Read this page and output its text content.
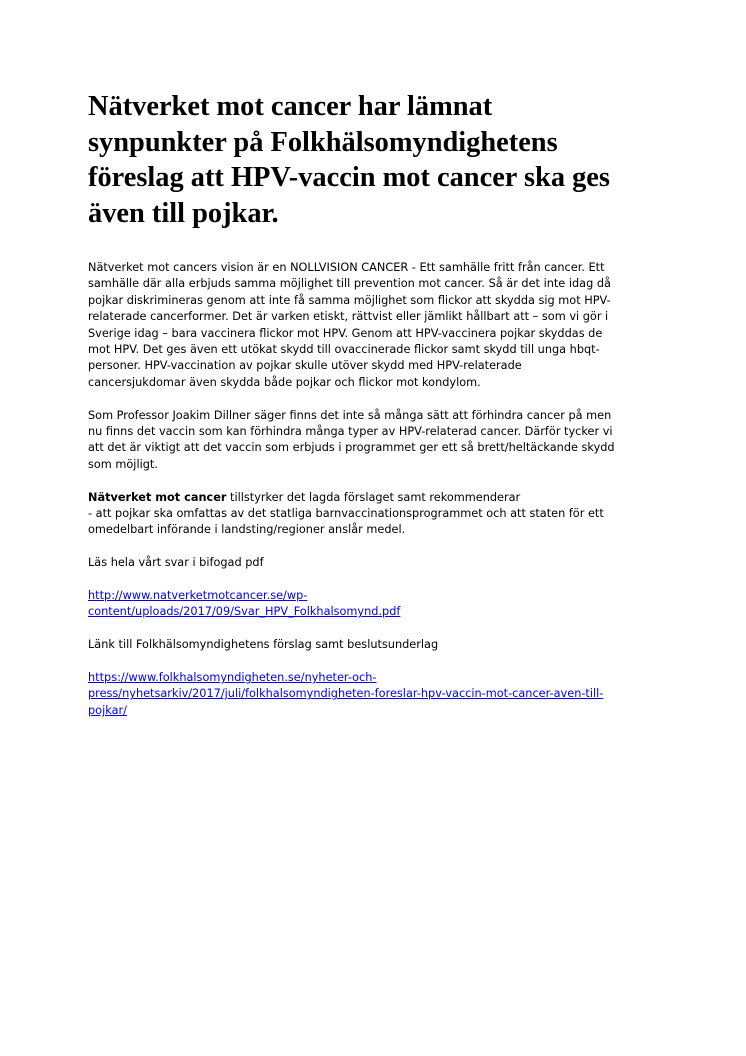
Nätverket mot cancer har lämnat
synpunkter på Folkhälsomyndighetens
föreslag att HPV-vaccin mot cancer ska ges
även till pojkar.

Nätverket mot cancers vision är en NOLLVISION CANCER - Ett samhälle fritt från cancer. Ett
samhälle där alla erbjuds samma möjlighet till prevention mot cancer. Så är det inte idag då
pojkar diskrimineras genom att inte få samma möjlighet som flickor att skydda sig mot HPV-
relaterade cancerformer. Det är varken etiskt, rättvist eller jämlikt hållbart att – som vi gör i
Sverige idag – bara vaccinera flickor mot HPV. Genom att HPV-vaccinera pojkar skyddas de
mot HPV. Det ges även ett utökat skydd till ovaccinerade flickor samt skydd till unga hbqt-
personer. HPV-vaccination av pojkar skulle utöver skydd med HPV-relaterade
cancersjukdomar även skydda både pojkar och flickor mot kondylom.

Som Professor Joakim Dillner säger finns det inte så många sätt att förhindra cancer på men
nu finns det vaccin som kan förhindra många typer av HPV-relaterad cancer. Därför tycker vi
att det är viktigt att det vaccin som erbjuds i programmet ger ett så brett/heltäckande skydd
som möjligt.

Nätverket mot cancer tillstyrker det lagda förslaget samt rekommenderar
- att pojkar ska omfattas av det statliga barnvaccinationsprogrammet och att staten för ett
omedelbart införande i landsting/regioner anslår medel.

Läs hela vårt svar i bifogad pdf

http://www.natverketmotcancer.se/wp-
content/uploads/2017/09/Svar_HPV_Folkhalsomynd.pdf

Länk till Folkhälsomyndighetens förslag samt beslutsunderlag

https://www.folkhalsomyndigheten.se/nyheter-och-
press/nyhetsarkiv/2017/juli/folkhalsomyndigheten-foreslar-hpv-vaccin-mot-cancer-aven-till-
pojkar/
